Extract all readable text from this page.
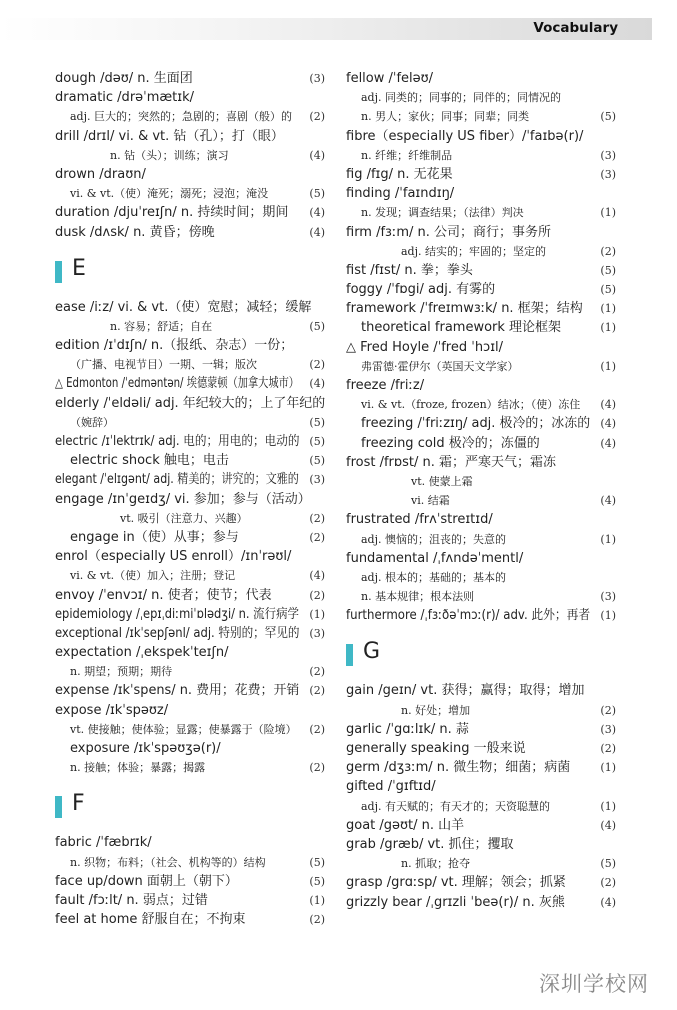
Vocabulary
dough /dəʊ/ n. 生面团	(3)
dramatic /drəˈmætɪk/
adj. 巨大的；突然的；急剧的；喜剧（般）的 (2)
drill /drɪl/ vi. & vt. 钻（孔）；打（眼）
n. 钻（头）；训练；演习	(4)
drown /draʊn/
vi. & vt.（使）淹死；溺死；浸泡；淹没	(5)
duration /djuˈreɪʃn/ n. 持续时间；期间 (4)
dusk /dʌsk/ n. 黄昏；傍晚	(4)
E
ease /iːz/ vi. & vt.（使）宽慰；减轻；缓解
n. 容易；舒适；自在	(5)
edition /ɪˈdɪʃn/ n.（报纸、杂志）一份；
（广播、电视节目）一期、一辑；版次	(2)
△ Edmonton /ˈedməntən/ 埃德蒙顿（加拿大城市） (4)
elderly /ˈeldəli/ adj. 年纪较大的；上了年纪的
（婉辞）	(5)
electric /ɪˈlektrɪk/ adj. 电的；用电的；电动的 (5)
electric shock 触电；电击	(5)
elegant /ˈelɪgənt/ adj. 精美的；讲究的；文雅的 (3)
engage /ɪnˈgeɪdʒ/ vi. 参加；参与（活动）
vt. 吸引（注意力、兴趣）	(2)
engage in（使）从事；参与	(2)
enrol（especially US enroll）/ɪnˈrəʊl/
vi. & vt.（使）加入；注册；登记	(4)
envoy /ˈenvɔɪ/ n. 使者；使节；代表	(2)
epidemiology /ˌepɪˌdiːmiˈɒlədʒi/ n. 流行病学 (1)
exceptional /ɪkˈsepʃənl/ adj. 特别的；罕见的 (3)
expectation /ˌekspekˈteɪʃn/
n. 期望；预期；期待	(2)
expense /ɪkˈspens/ n. 费用；花费；开销 (2)
expose /ɪkˈspəʊz/
vt. 使接触；使体验；显露；使暴露于（险境） (2)
exposure /ɪkˈspəʊʒə(r)/
n. 接触；体验；暴露；揭露	(2)
F
fabric /ˈfæbrɪk/
n. 织物；布料；（社会、机构等的）结构	(5)
face up/down 面朝上（朝下）	(5)
fault /fɔːlt/ n. 弱点；过错	(1)
feel at home 舒服自在；不拘束	(2)
fellow /ˈfeləʊ/
adj. 同类的；同事的；同伴的；同情况的
n. 男人；家伙；同事；同辈；同类	(5)
fibre（especially US fiber）/ˈfaɪbə(r)/
n. 纤维；纤维制品	(3)
fig /fɪg/ n. 无花果	(3)
finding /ˈfaɪndɪŋ/
n. 发现；调查结果；（法律）判决	(1)
firm /fɜːm/ n. 公司；商行；事务所
adj. 结实的；牢固的；坚定的	(2)
fist /fɪst/ n. 拳；拳头	(5)
foggy /ˈfɒgi/ adj. 有雾的	(5)
framework /ˈfreɪmwɜːk/ n. 框架；结构 (1)
theoretical framework 理论框架	(1)
△ Fred Hoyle /ˈfred ˈhɔɪl/
弗雷德·霍伊尔（英国天文学家）	(1)
freeze /friːz/
vi. & vt.（froze, frozen）结冰；（使）冻住 (4)
freezing /ˈfriːzɪŋ/ adj. 极冷的；冰冻的 (4)
freezing cold 极冷的；冻僵的	(4)
frost /frɒst/ n. 霜；严寒天气；霜冻
vt. 使蒙上霜
vi. 结霜	(4)
frustrated /frʌˈstreɪtɪd/
adj. 懊恼的；沮丧的；失意的	(1)
fundamental /ˌfʌndəˈmentl/
adj. 根本的；基础的；基本的
n. 基本规律；根本法则	(3)
furthermore /ˌfɜːðəˈmɔː(r)/ adv. 此外；再者 (1)
G
gain /geɪn/ vt. 获得；赢得；取得；增加
n. 好处；增加	(2)
garlic /ˈgɑːlɪk/ n. 蒜	(3)
generally speaking 一般来说	(2)
germ /dʒɜːm/ n. 微生物；细菌；病菌	(1)
gifted /ˈgɪftɪd/
adj. 有天赋的；有天才的；天资聪慧的	(1)
goat /gəʊt/ n. 山羊	(4)
grab /græb/ vt. 抓住；攫取
n. 抓取；抢夺	(5)
grasp /grɑːsp/ vt. 理解；领会；抓紧	(2)
grizzly bear /ˌgrɪzli ˈbeə(r)/ n. 灰熊	(4)
深圳学校网
